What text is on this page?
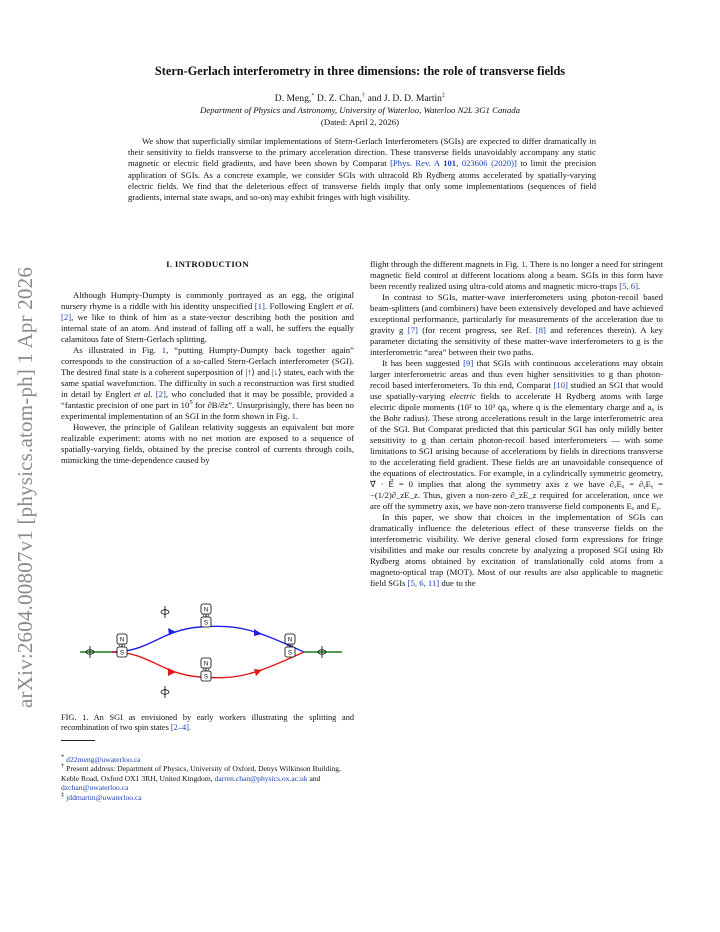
arXiv:2604.00807v1 [physics.atom-ph] 1 Apr 2026
Stern-Gerlach interferometry in three dimensions: the role of transverse fields
D. Meng,* D. Z. Chan,† and J. D. D. Martin‡
Department of Physics and Astronomy, University of Waterloo, Waterloo N2L 3G1 Canada
(Dated: April 2, 2026)
We show that superficially similar implementations of Stern-Gerlach Interferometers (SGIs) are expected to differ dramatically in their sensitivity to fields transverse to the primary acceleration direction. These transverse fields unavoidably accompany any static magnetic or electric field gradients, and have been shown by Comparat [Phys. Rev. A 101, 023606 (2020)] to limit the precision application of SGIs. As a concrete example, we consider SGIs with ultracold Rb Rydberg atoms accelerated by spatially-varying electric fields. We find that the deleterious effect of transverse fields imply that only some implementations (sequences of field gradients, internal state swaps, and so-on) may exhibit fringes with high visibility.
I. INTRODUCTION

Although Humpty-Dumpty is commonly portrayed as an egg, the original nursery rhyme is a riddle with his identity unspecified [1]. Following Englert et al. [2], we like to think of him as a state-vector describing both the position and internal state of an atom. And instead of falling off a wall, he suffers the equally calamitous fate of Stern-Gerlach splitting.

As illustrated in Fig. 1, “putting Humpty-Dumpty back together again” corresponds to the construction of a so-called Stern-Gerlach interferometer (SGI). The desired final state is a coherent superposition of |↑⟩ and |↓⟩ states, each with the same spatial wavefunction. The difficulty in such a reconstruction was first studied in detail by Englert et al. [2], who concluded that it may be possible, provided a “fantastic precision of one part in $10^5$ for ∂B/∂z”. Unsurprisingly, there has been no experimental implementation of an SGI in the form shown in Fig. 1.

However, the principle of Galilean relativity suggests an equivalent but more realizable experiment: atoms with no net motion are exposed to a sequence of spatially-varying fields, obtained by the precise control of currents through coils, mimicking the time-dependence caused by

N
S
N
S
N
S
N
S
FIG. 1. An SGI as envisioned by early workers illustrating the splitting and recombination of two spin states [2–4].
* d22meng@uwaterloo.ca
† Present address: Department of Physics, University of Oxford, Denys Wilkinson Building, Keble Road, Oxford OX1 3RH, United Kingdom, darren.chan@physics.ox.ac.uk and dzchan@uwaterloo.ca
‡ jddmartin@uwaterloo.ca

flight through the different magnets in Fig. 1. There is no longer a need for stringent magnetic field control at different locations along a beam. SGIs in this form have been recently realized using ultra-cold atoms and magnetic micro-traps [5, 6].

In contrast to SGIs, matter-wave interferometers using photon-recoil based beam-splitters (and combiners) have been extensively developed and have achieved exceptional performance, particularly for measurements of the acceleration due to gravity g [7] (for recent progress, see Ref. [8] and references therein). A key parameter dictating the sensitivity of these matter-wave interferometers to g is the interferometric “area” between their two paths.

It has been suggested [9] that SGIs with continuous accelerations may obtain larger interferometric areas and thus even higher sensitivities to g than photon-recoil based interferometers. To this end, Comparat [10] studied an SGI that would use spatially-varying electric fields to accelerate H Rydberg atoms with large electric dipole moments (10² to 10³ qa₀ where q is the elementary charge and a₀ is the Bohr radius). These strong accelerations result in the large interferometric area of the SGI. But Comparat predicted that this particular SGI has only mildly better sensitivity to g than certain photon-recoil based interferometers — with some limitations to SGI arising because of accelerations by fields in directions transverse to the accelerating field gradient. These fields are an unavoidable consequence of the equations of electrostatics. For example, in a cylindrically symmetric geometry, ∇⃗ · E⃗ = 0 implies that along the symmetry axis z we have ∂ₓEₓ = ∂ᵧEᵧ = −(1/2)∂_zE_z. Thus, given a non-zero ∂_zE_z required for acceleration, once we are off the symmetry axis, we have non-zero transverse field components Eₓ and Eᵧ.

In this paper, we show that choices in the implementation of SGIs can dramatically influence the deleterious effect of these transverse fields on the interferometric visibility. We derive general closed form expressions for fringe visibilities and make our results concrete by analyzing a proposed SGI using Rb Rydberg atoms obtained by excitation of translationally cold atoms from a magneto-optical trap (MOT). Most of our results are also applicable to magnetic field SGIs [5, 6, 11] due to the
